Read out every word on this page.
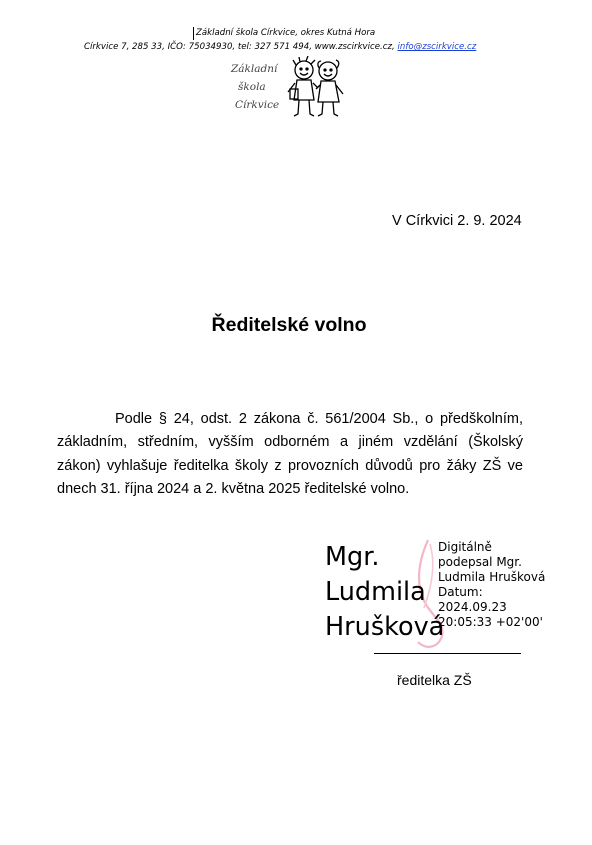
Základní škola Církvice, okres Kutná Hora
Církvice 7, 285 33, IČO: 75034930, tel: 327 571 494, www.zscirkvice.cz, info@zscirkvice.cz
Základní
škola
Církvice
V Církvici 2. 9. 2024
Ředitelské volno
Podle § 24, odst. 2 zákona č. 561/2004 Sb., o předškolním, základním, středním, vyšším odborném a jiném vzdělání (Školský zákon) vyhlašuje ředitelka školy z provozních důvodů pro žáky ZŠ ve dnech 31. října 2024 a 2. května 2025 ředitelské volno.
Mgr.
Ludmila
Hrušková
Digitálně
podepsal Mgr.
Ludmila Hrušková
Datum:
2024.09.23
20:05:33 +02'00'
ředitelka ZŠ
